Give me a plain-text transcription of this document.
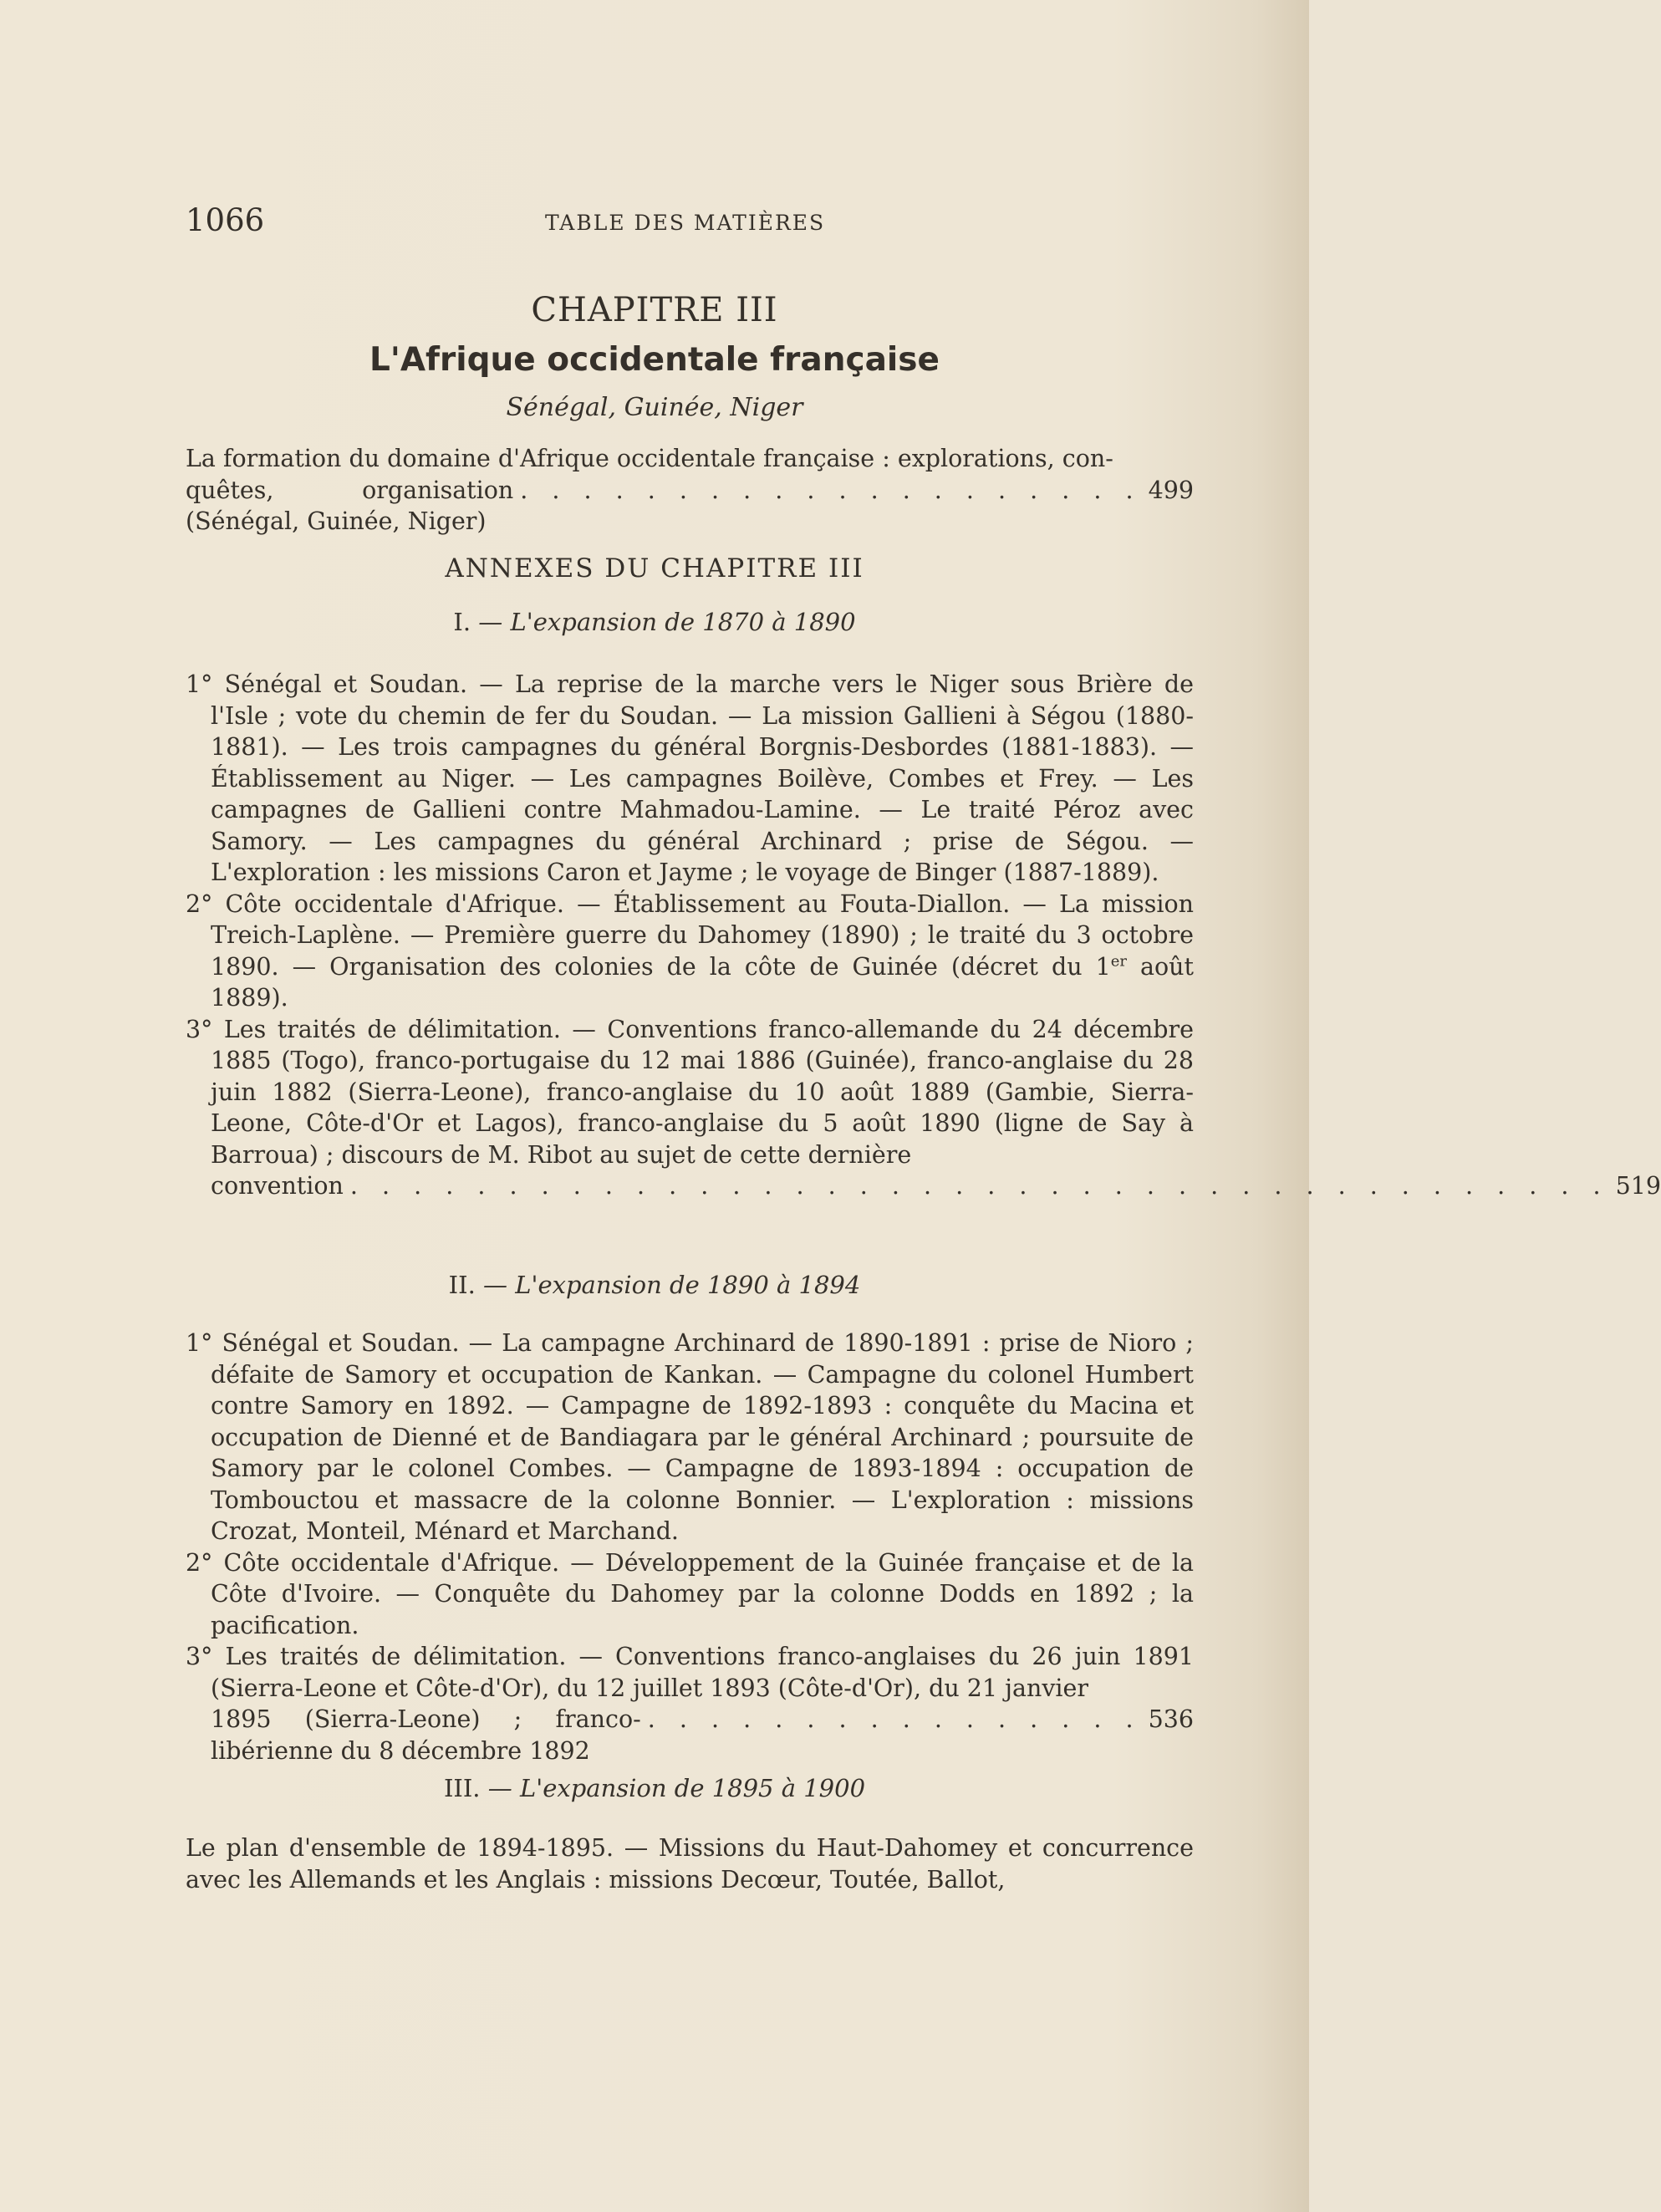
1066	TABLE DES MATIÈRES
CHAPITRE III
L'Afrique occidentale française
Sénégal, Guinée, Niger
La formation du domaine d'Afrique occidentale française : explorations, con-
quêtes, organisation (Sénégal, Guinée, Niger)
. . . . . . . . . . . . . . . . . . . . 499
ANNEXES DU CHAPITRE III
I. — L'expansion de 1870 à 1890
1° Sénégal et Soudan. — La reprise de la marche vers le Niger sous Brière de l'Isle ; vote du chemin de fer du Soudan. — La mission Gallieni à Ségou (1880-1881). — Les trois campagnes du général Borgnis-Desbordes (1881-1883). — Établissement au Niger. — Les campagnes Boilève, Combes et Frey. — Les campagnes de Gallieni contre Mahmadou-Lamine. — Le traité Péroz avec Samory. — Les campagnes du général Archinard ; prise de Ségou. — L'exploration : les missions Caron et Jayme ; le voyage de Binger (1887-1889).
2° Côte occidentale d'Afrique. — Établissement au Fouta-Diallon. — La mission Treich-Laplène. — Première guerre du Dahomey (1890) ; le traité du 3 octobre 1890. — Organisation des colonies de la côte de Guinée (décret du 1er août 1889).
3° Les traités de délimitation. — Conventions franco-allemande du 24 décembre 1885 (Togo), franco-portugaise du 12 mai 1886 (Guinée), franco-anglaise du 28 juin 1882 (Sierra-Leone), franco-anglaise du 10 août 1889 (Gambie, Sierra-Leone, Côte-d'Or et Lagos), franco-anglaise du 5 août 1890 (ligne de Say à Barroua) ; discours de M. Ribot au sujet de cette dernière
convention . . . . . . . . . . . . . . . . . . . . . . . . . . . . . . . . . . . . . . . . 519
II. — L'expansion de 1890 à 1894
1° Sénégal et Soudan. — La campagne Archinard de 1890-1891 : prise de Nioro ; défaite de Samory et occupation de Kankan. — Campagne du colonel Humbert contre Samory en 1892. — Campagne de 1892-1893 : conquête du Macina et occupation de Dienné et de Bandiagara par le général Archinard ; poursuite de Samory par le colonel Combes. — Campagne de 1893-1894 : occupation de Tombouctou et massacre de la colonne Bonnier. — L'exploration : missions Crozat, Monteil, Ménard et Marchand.
2° Côte occidentale d'Afrique. — Développement de la Guinée française et de la Côte d'Ivoire. — Conquête du Dahomey par la colonne Dodds en 1892 ; la pacification.
3° Les traités de délimitation. — Conventions franco-anglaises du 26 juin 1891 (Sierra-Leone et Côte-d'Or), du 12 juillet 1893 (Côte-d'Or), du 21 janvier
1895 (Sierra-Leone) ; franco-libérienne du 8 décembre 1892
. . . . . . . . . . . . . . . . 536
III. — L'expansion de 1895 à 1900
Le plan d'ensemble de 1894-1895. — Missions du Haut-Dahomey et concurrence avec les Allemands et les Anglais : missions Decœur, Toutée, Ballot,
